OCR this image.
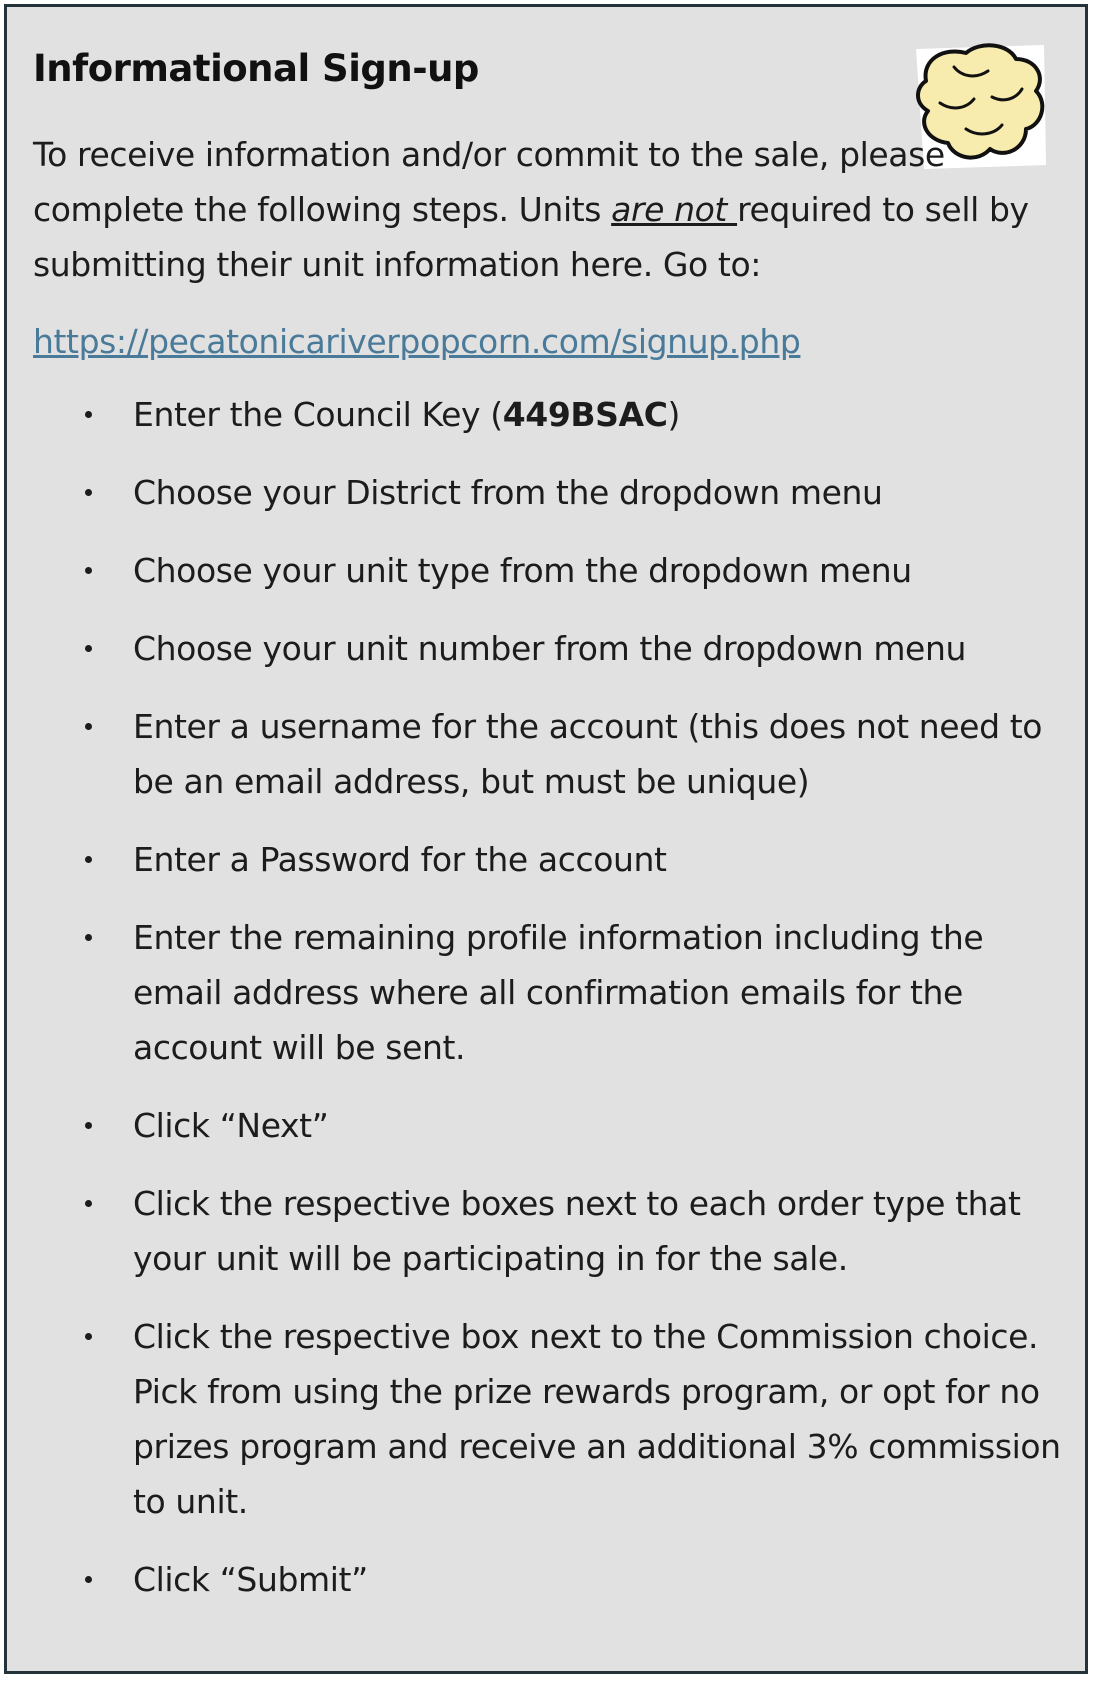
Informational Sign-up

To receive information and/or commit to the sale, please complete the following steps. Units are not required to sell by submitting their unit information here. Go to:

https://pecatonicariverpopcorn.com/signup.php
Enter the Council Key (449BSAC)
Choose your District from the dropdown menu
Choose your unit type from the dropdown menu
Choose your unit number from the dropdown menu
Enter a username for the account (this does not need to be an email address, but must be unique)
Enter a Password for the account
Enter the remaining profile information including the email address where all confirmation emails for the account will be sent.
Click “Next”
Click the respective boxes next to each order type that your unit will be participating in for the sale.
Click the respective box next to the Commission choice. Pick from using the prize rewards program, or opt for no prizes program and receive an additional 3% commission to unit.
Click “Submit”
